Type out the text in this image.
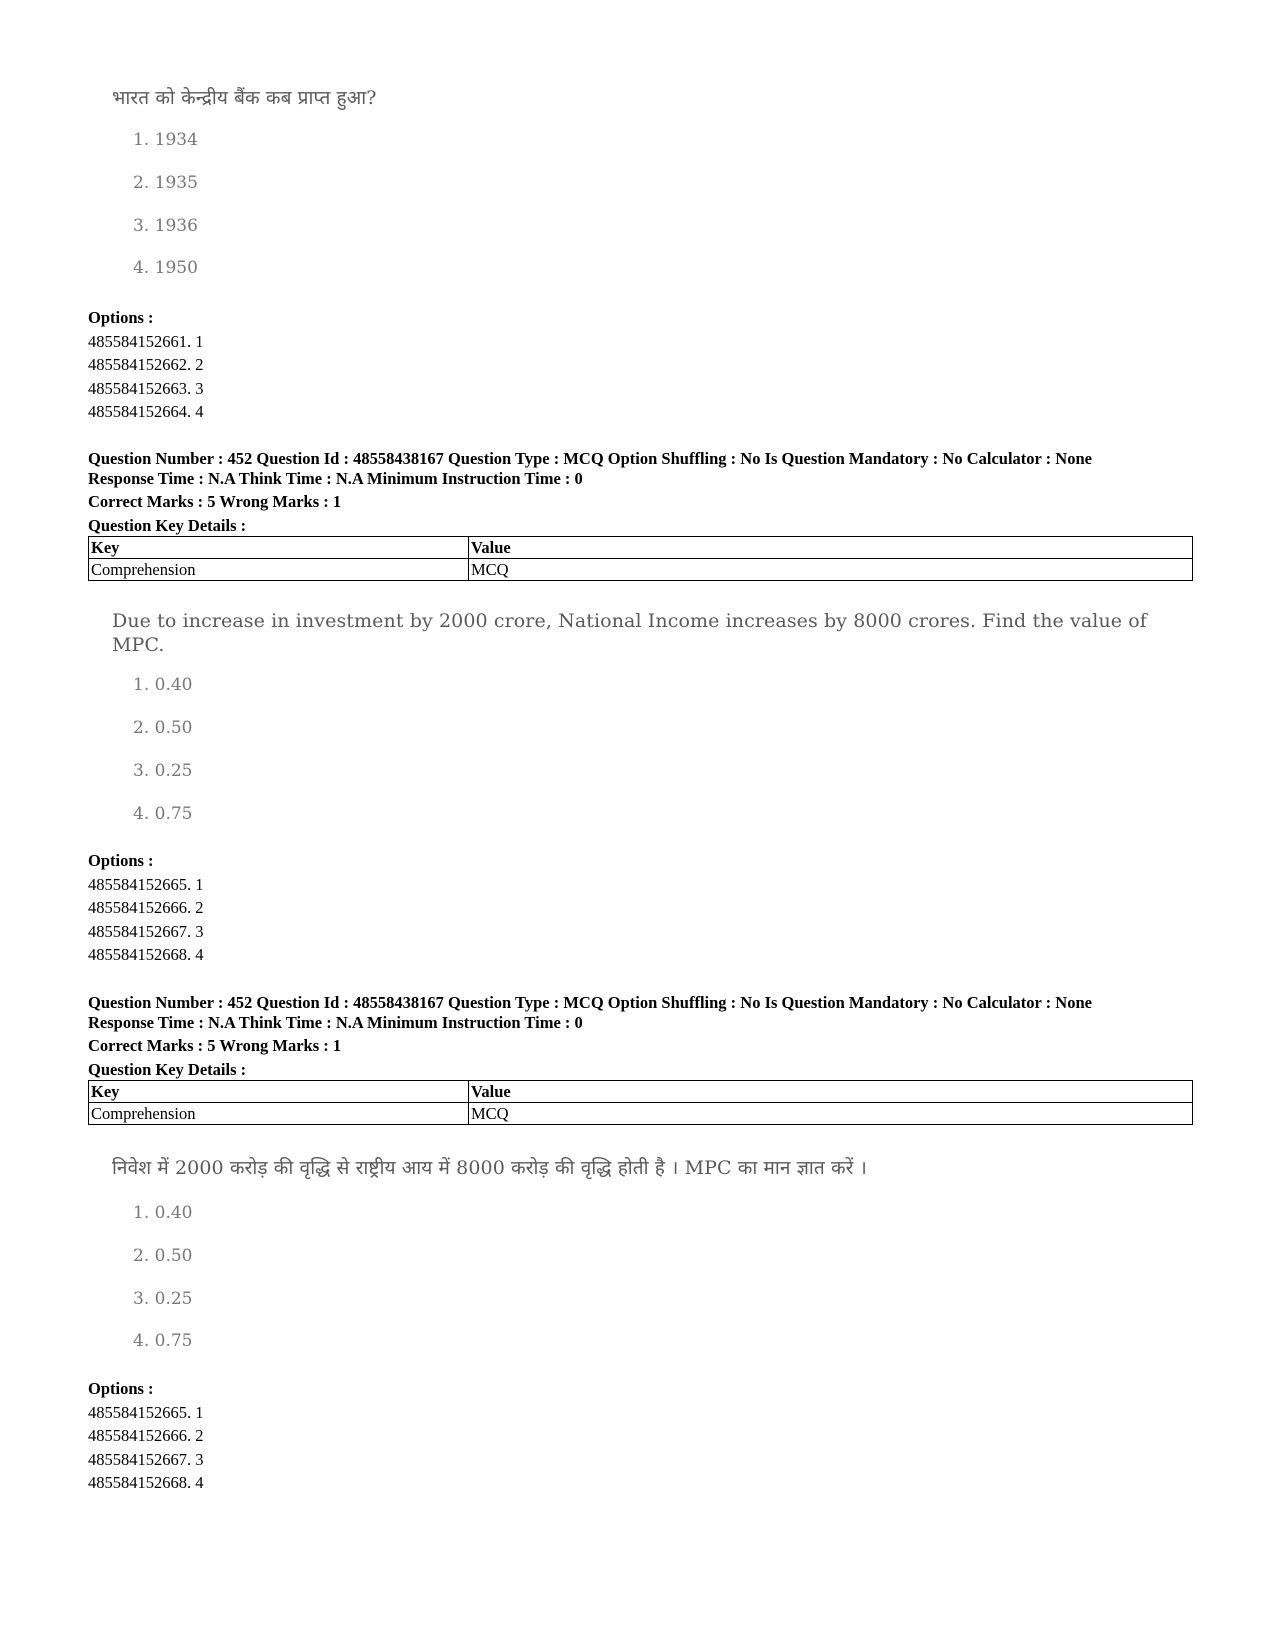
भारत को केन्द्रीय बैंक कब प्राप्त हुआ?
1. 1934
2. 1935
3. 1936
4. 1950
Options :
485584152661. 1
485584152662. 2
485584152663. 3
485584152664. 4
Question Number : 452 Question Id : 48558438167 Question Type : MCQ Option Shuffling : No Is Question Mandatory : No Calculator : None
Response Time : N.A Think Time : N.A Minimum Instruction Time : 0
Correct Marks : 5 Wrong Marks : 1
Question Key Details :
Key	Value
Comprehension	MCQ
Due to increase in investment by 2000 crore, National Income increases by 8000 crores. Find the value of
MPC.
1. 0.40
2. 0.50
3. 0.25
4. 0.75
Options :
485584152665. 1
485584152666. 2
485584152667. 3
485584152668. 4
Question Number : 452 Question Id : 48558438167 Question Type : MCQ Option Shuffling : No Is Question Mandatory : No Calculator : None
Response Time : N.A Think Time : N.A Minimum Instruction Time : 0
Correct Marks : 5 Wrong Marks : 1
Question Key Details :
Key	Value
Comprehension	MCQ
निवेश में 2000 करोड़ की वृद्धि से राष्ट्रीय आय में 8000 करोड़ की वृद्धि होती है । MPC का मान ज्ञात करें ।
1. 0.40
2. 0.50
3. 0.25
4. 0.75
Options :
485584152665. 1
485584152666. 2
485584152667. 3
485584152668. 4
